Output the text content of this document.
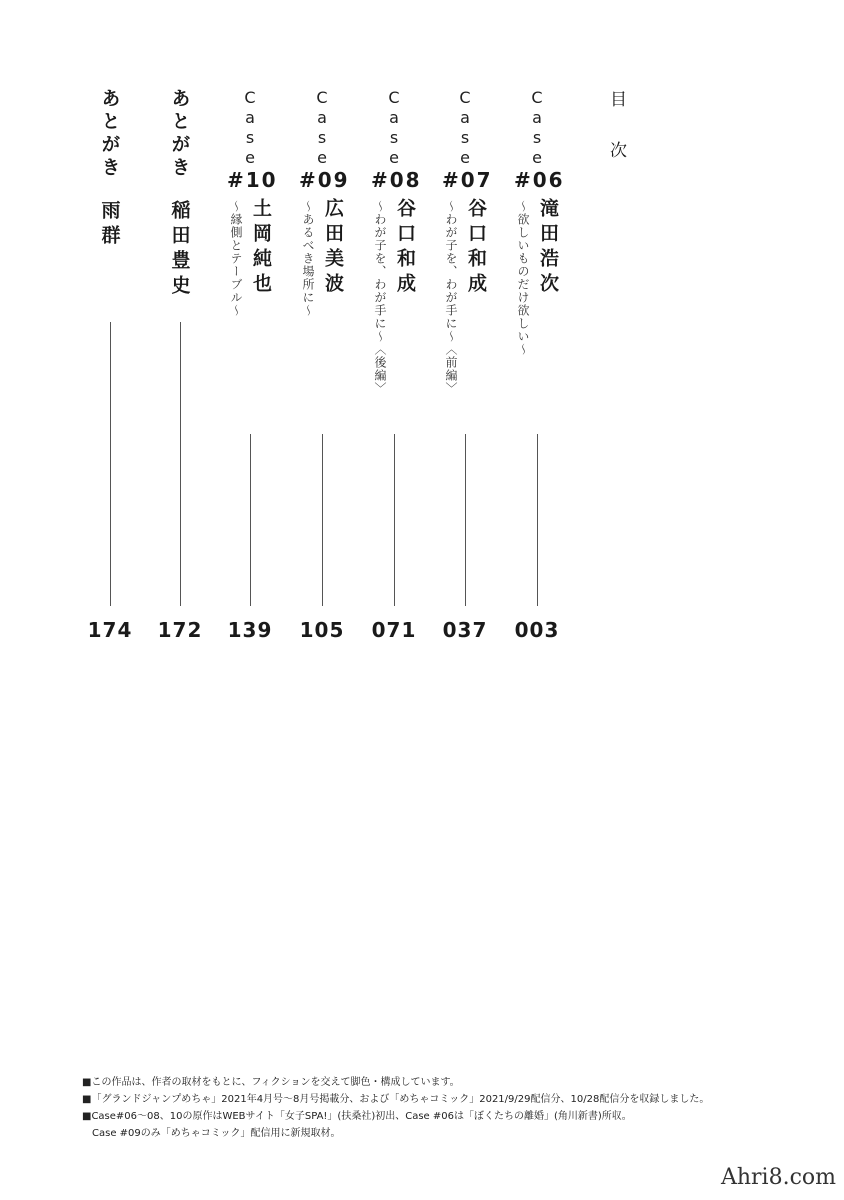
目次
Case
#06
滝田浩次
〜欲しいものだけ欲しい〜
003
Case
#07
谷口和成
〜わが子を、わが手に〜〈前編〉
037
Case
#08
谷口和成
〜わが子を、わが手に〜〈後編〉
071
Case
#09
広田美波
〜あるべき場所に〜
105
Case
#10
土岡純也
〜縁側とテーブル〜
139
あとがき
稲田豊史
172
あとがき
雨群
174
■この作品は、作者の取材をもとに、フィクションを交えて脚色・構成しています。
■「グランドジャンプめちゃ」2021年4月号〜8月号掲載分、および「めちゃコミック」2021/9/29配信分、10/28配信分を収録しました。
■Case#06〜08、10の原作はWEBサイト「女子SPA!」(扶桑社)初出、Case #06は「ぼくたちの離婚」(角川新書)所収。
　Case #09のみ「めちゃコミック」配信用に新規取材。
Ahri8.com
